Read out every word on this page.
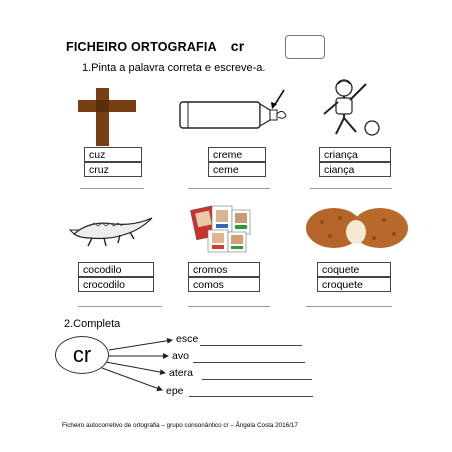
FICHEIRO ORTOGRAFIA cr
1.Pinta a palavra correta e escreve-a.
cuz
cruz
creme
ceme
criança
ciança
cocodilo
crocodilo
cromos
comos
coquete
croquete
2.Completa
cr
esce
avo
atera
epe
Ficheiro autocorretivo de ortografia – grupo consonântico cr – Ângela Costa 2016/17
